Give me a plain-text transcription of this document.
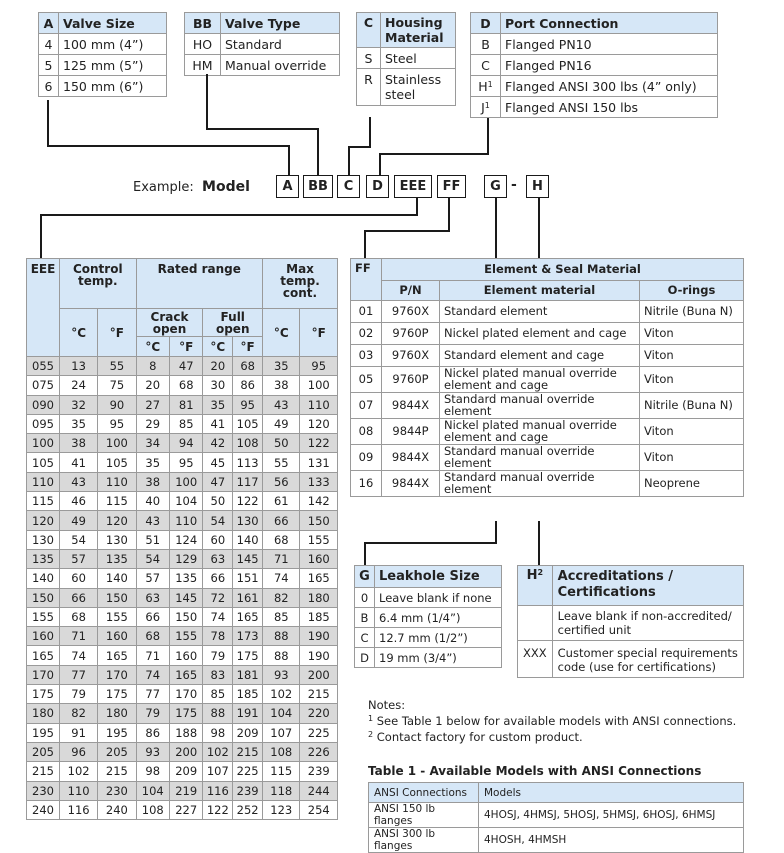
A	Valve Size
4	100 mm (4”)
5	125 mm (5”)
6	150 mm (6”)
BB	Valve Type
HO	Standard
HM	Manual override
C	Housing Material
S	Steel
R	Stainless steel
D	Port Connection
B	Flanged PN10
C	Flanged PN16
$H^1$	Flanged ANSI 300 lbs (4” only)
$J^1$	Flanged ANSI 150 lbs
Example: Model	A	BB	C	D	EEE	FF	G -	H
EEE	Control temp.		Rated range				Max temp. cont.	
	°C	°F	Crack open		Full open		°C	°F
			°C	°F	°C	°F		
055	13	55	8	47	20	68	35	95
075	24	75	20	68	30	86	38	100
090	32	90	27	81	35	95	43	110
095	35	95	29	85	41	105	49	120
100	38	100	34	94	42	108	50	122
105	41	105	35	95	45	113	55	131
110	43	110	38	100	47	117	56	133
115	46	115	40	104	50	122	61	142
120	49	120	43	110	54	130	66	150
130	54	130	51	124	60	140	68	155
135	57	135	54	129	63	145	71	160
140	60	140	57	135	66	151	74	165
150	66	150	63	145	72	161	82	180
155	68	155	66	150	74	165	85	185
160	71	160	68	155	78	173	88	190
165	74	165	71	160	79	175	88	190
170	77	170	74	165	83	181	93	200
175	79	175	77	170	85	185	102	215
180	82	180	79	175	88	191	104	220
195	91	195	86	188	98	209	107	225
205	96	205	93	200	102	215	108	226
215	102	215	98	209	107	225	115	239
230	110	230	104	219	116	239	118	244
240	116	240	108	227	122	252	123	254
FF	Element & Seal Material		
	P/N	Element material	O-rings
01	9760X	Standard element	Nitrile (Buna N)
02	9760P	Nickel plated element and cage	Viton
03	9760X	Standard element and cage	Viton
05	9760P	Nickel plated manual override element and cage	Viton
07	9844X	Standard manual override element	Nitrile (Buna N)
08	9844P	Nickel plated manual override element and cage	Viton
09	9844X	Standard manual override element	Viton
16	9844X	Standard manual override element	Neoprene
G	Leakhole Size
0	Leave blank if none
B	6.4 mm (1/4”)
C	12.7 mm (1/2”)
D	19 mm (3/4”)
$H^2$	Accreditations / Certifications
	Leave blank if non-accredited/ certified unit
XXX	Customer special requirements code (use for certifications)
Notes:
$^1$ See Table 1 below for available models with ANSI connections.
$^2$ Contact factory for custom product.
Table 1 - Available Models with ANSI Connections
ANSI Connections	Models
ANSI 150 lb flanges	4HOSJ, 4HMSJ, 5HOSJ, 5HMSJ, 6HOSJ, 6HMSJ
ANSI 300 lb flanges	4HOSH, 4HMSH
